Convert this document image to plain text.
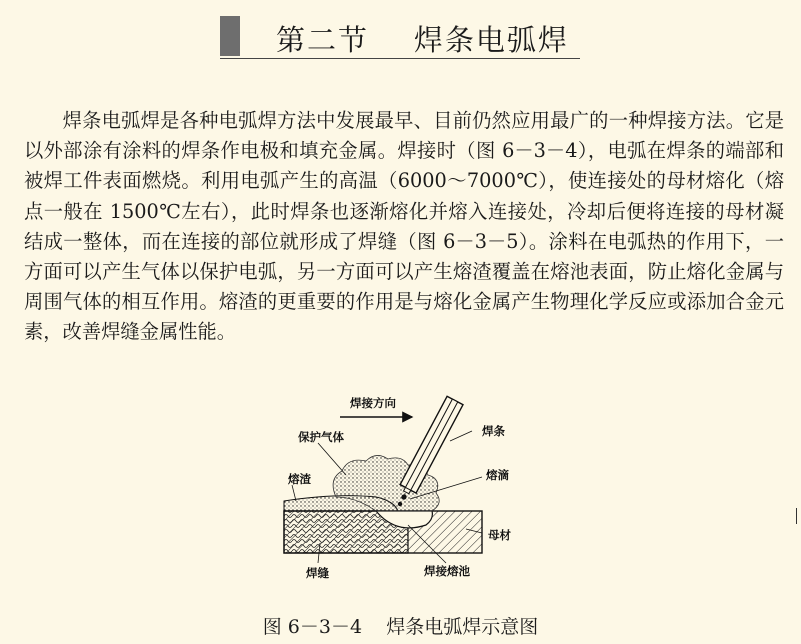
第二节    焊条电弧焊

焊条电弧焊是各种电弧焊方法中发展最早、目前仍然应用最广的一种焊接方法。它是以外部涂有涂料的焊条作电极和填充金属。焊接时（图 6－3－4），电弧在焊条的端部和被焊工件表面燃烧。利用电弧产生的高温（6000～7000℃），使连接处的母材熔化（熔点一般在 1500℃左右），此时焊条也逐渐熔化并熔入连接处，冷却后便将连接的母材凝结成一整体，而在连接的部位就形成了焊缝（图 6－3－5）。涂料在电弧热的作用下，一方面可以产生气体以保护电弧，另一方面可以产生熔渣覆盖在熔池表面，防止熔化金属与周围气体的相互作用。熔渣的更重要的作用是与熔化金属产生物理化学反应或添加合金元素，改善焊缝金属性能。

焊接方向
焊条
保护气体
熔渣	熔滴
母材
焊缝	焊接熔池
图 6－3－4    焊条电弧焊示意图
